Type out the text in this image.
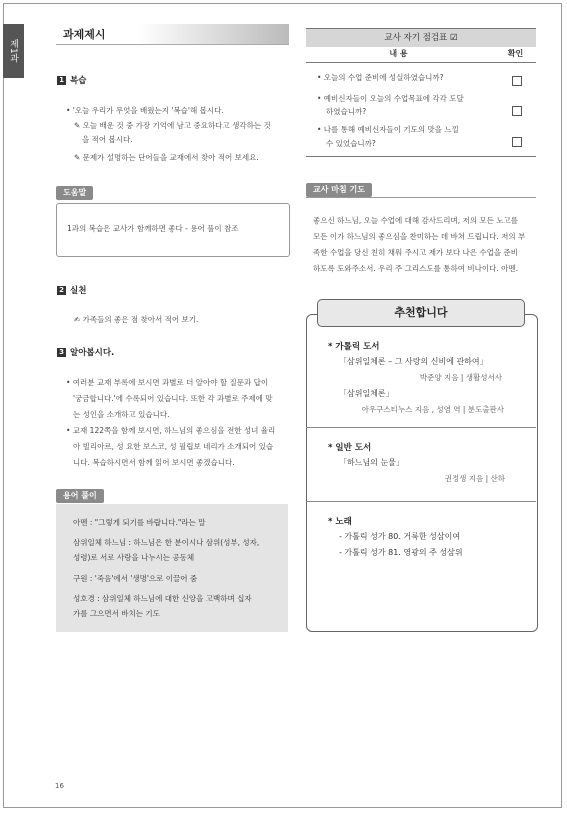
제1과
과제제시
1 복습
• '오늘 우리가 무엇을 배웠는지 '복습'해 봅시다.
✎ 오늘 배운 것 중 가장 기억에 남고 중요하다고 생각하는 것
을 적어 봅시다.
✎ 문제가 설명하는 단어들을 교재에서 찾아 적어 보세요.
도움말
1과의 복습은 교사가 함께하면 좋다 - 용어 풀이 참조
2 실천
✍ 가족들의 좋은 점 찾아서 적어 보기.
3 알아봅시다.
• 여러분 교재 부록에 보시면 과별로 더 알아야 할 질문과 답이
'궁금합니다.'에 수록되어 있습니다. 또한 각 과별로 주제에 맞
는 성인을 소개하고 있습니다.
• 교재 122쪽을 함께 보시면, 하느님의 좋으심을 전한 성녀 율리
아 빌리아르, 성 요한 보스코, 성 필립보 네리가 소개되어 있습
니다. 복습하시면서 함께 읽어 보시면 좋겠습니다.
용어 풀이
아멘 : "그렇게 되기를 바랍니다."라는 말
삼위일체 하느님 : 하느님은 한 분이시나 삼위(성부, 성자,
성령)로 서로 사랑을 나누시는 공동체
구원 : '죽음'에서 '생명'으로 이끌어 줌
성호경 : 삼위일체 하느님에 대한 신앙을 고백하며 십자
가를 그으면서 바치는 기도
교사 자기 점검표 ☑
내 용	확인
• 오늘의 수업 준비에 성실하였습니까?
• 예비신자들이 오늘의 수업목표에 각각 도달
하였습니까?
• 나를 통해 예비신자들이 기도의 맛을 느낄
수 있었습니까?
교사 마침 기도
좋으신 하느님, 오늘 수업에 대해 감사드리며, 저의 모든 노고를
모든 이가 하느님의 좋으심을 찬미하는 데 바쳐 드립니다. 저의 부
족한 수업을 당신 친히 채워 주시고 제가 보다 나은 수업을 준비
하도록 도와주소서. 우리 주 그리스도를 통하여 비나이다. 아멘.
추천합니다
* 가톨릭 도서
「삼위일체론 – 그 사랑의 신비에 관하여」
박준양 지음 | 생활성서사
「삼위일체론」
아우구스티누스 지음 , 성염 역 | 분도출판사
* 일반 도서
「하느님의 눈물」
권정생 지음 | 산하
* 노래
- 가톨릭 성가 80. 거룩한 성삼이여
- 가톨릭 성가 81. 영광의 주 성삼위
16
